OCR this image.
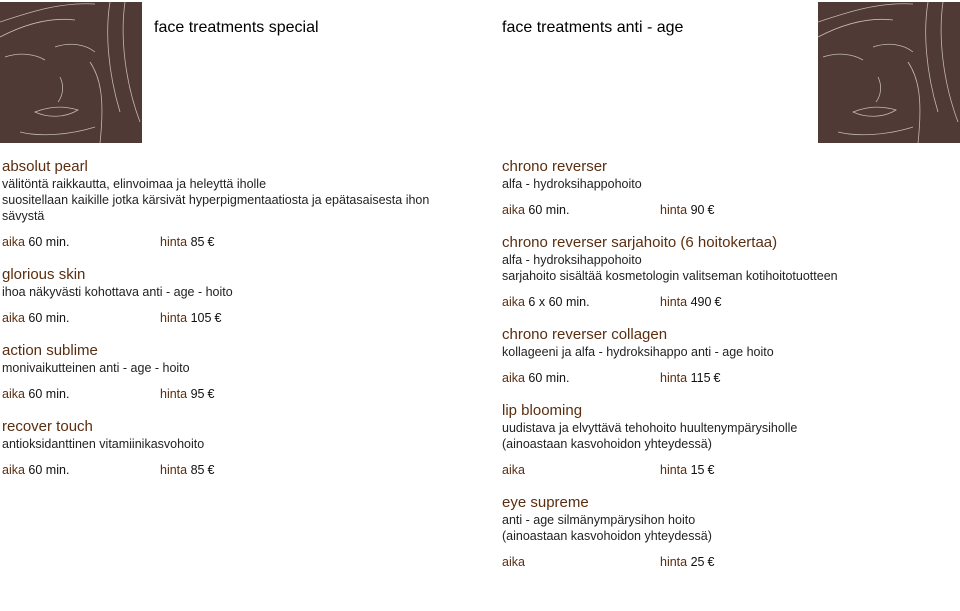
face treatments special	face treatments anti - age
absolut pearl
välitöntä raikkautta, elinvoimaa ja heleyttä iholle
suositellaan kaikille jotka kärsivät hyperpigmentaatiosta ja epätasaisesta ihon
sävystä
aika 60 min.	hinta 85 €
glorious skin
ihoa näkyvästi kohottava anti - age - hoito
aika 60 min.	hinta 105 €
action sublime
monivaikutteinen anti - age - hoito
aika 60 min.	hinta 95 €
recover touch
antioksidanttinen vitamiinikasvohoito
aika 60 min.	hinta 85 €
chrono reverser
alfa - hydroksihappohoito
aika 60 min.	hinta 90 €
chrono reverser sarjahoito (6 hoitokertaa)
alfa - hydroksihappohoito
sarjahoito sisältää kosmetologin valitseman kotihoitotuotteen
aika 6 x 60 min.	hinta 490 €
chrono reverser collagen
kollageeni ja alfa - hydroksihappo anti - age hoito
aika 60 min.	hinta 115 €
lip blooming
uudistava ja elvyttävä tehohoito huultenympärysiholle
(ainoastaan kasvohoidon yhteydessä)
aika	hinta 15 €
eye supreme
anti - age silmänympärysihon hoito
(ainoastaan kasvohoidon yhteydessä)
aika	hinta 25 €
